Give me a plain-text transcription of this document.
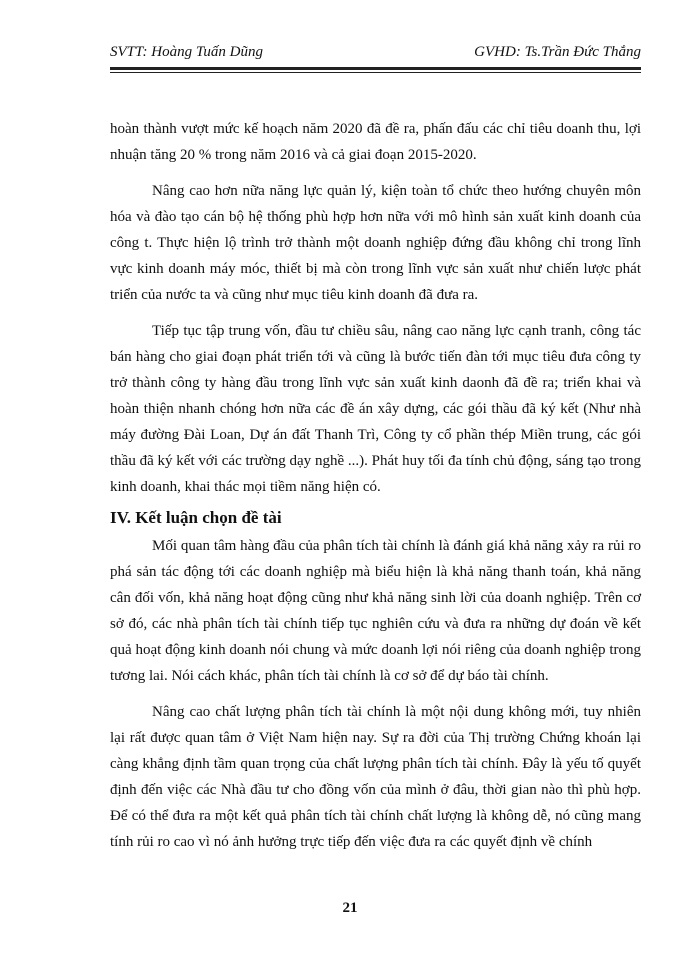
SVTT: Hoàng Tuấn Dũng	GVHD: Ts.Trần Đức Thắng

hoàn thành vượt mức kế hoạch năm 2020 đã đề ra, phấn đấu các chỉ tiêu doanh thu, lợi nhuận tăng 20 % trong năm 2016 và cả giai đoạn 2015-2020.

Nâng cao hơn nữa năng lực quản lý, kiện toàn tổ chức theo hướng chuyên môn hóa và đào tạo cán bộ hệ thống phù hợp hơn nữa với mô hình sản xuất kinh doanh của công t. Thực hiện lộ trình trở thành một doanh nghiệp đứng đầu không chỉ trong lĩnh vực kinh doanh máy móc, thiết bị mà còn trong lĩnh vực sản xuất như chiến lược phát triển của nước ta và cũng như mục tiêu kinh doanh đã đưa ra.

Tiếp tục tập trung vốn, đầu tư chiều sâu, nâng cao năng lực cạnh tranh, công tác bán hàng cho giai đoạn phát triển tới và cũng là bước tiến đàn tới mục tiêu đưa công ty trở thành công ty hàng đầu trong lĩnh vực sản xuất kinh daonh đã đề ra; triển khai và hoàn thiện nhanh chóng hơn nữa các đề án xây dựng, các gói thầu đã ký kết (Như nhà máy đường Đài Loan, Dự án đất Thanh Trì, Công ty cổ phần thép Miền trung, các gói thầu đã ký kết với các trường dạy nghề ...). Phát huy tối đa tính chủ động, sáng tạo trong kinh doanh, khai thác mọi tiềm năng hiện có.

IV. Kết luận chọn đề tài

Mối quan tâm hàng đầu của phân tích tài chính là đánh giá khả năng xảy ra rủi ro phá sản tác động tới các doanh nghiệp mà biểu hiện là khả năng thanh toán, khả năng cân đối vốn, khả năng hoạt động cũng như khả năng sinh lời của doanh nghiệp. Trên cơ sở đó, các nhà phân tích tài chính tiếp tục nghiên cứu và đưa ra những dự đoán về kết quả hoạt động kinh doanh nói chung và mức doanh lợi nói riêng của doanh nghiệp trong tương lai. Nói cách khác, phân tích tài chính là cơ sở để dự báo tài chính.

Nâng cao chất lượng phân tích tài chính là một nội dung không mới, tuy nhiên lại rất được quan tâm ở Việt Nam hiện nay. Sự ra đời của Thị trường Chứng khoán lại càng khẳng định tầm quan trọng của chất lượng phân tích tài chính. Đây là yếu tố quyết định đến việc các Nhà đầu tư cho đồng vốn của mình ở đâu, thời gian nào thì phù hợp. Để có thể đưa ra một kết quả phân tích tài chính chất lượng là không dễ, nó cũng mang tính rủi ro cao vì nó ảnh hưởng trực tiếp đến việc đưa ra các quyết định về chính

21
